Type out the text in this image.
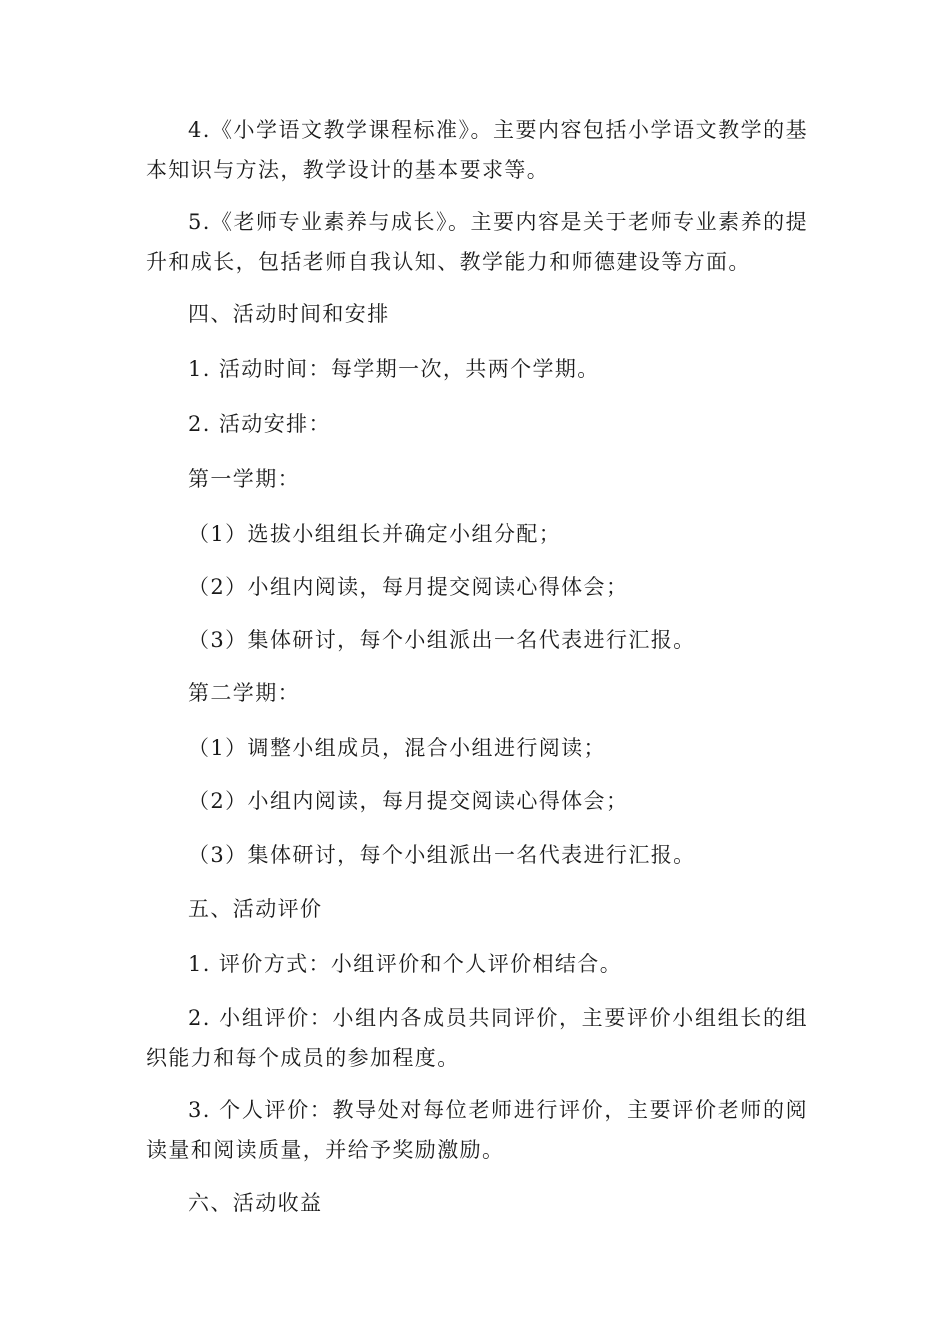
4.《小学语文教学课程标准》。主要内容包括小学语文教学的基本知识与方法，教学设计的基本要求等。

5.《老师专业素养与成长》。主要内容是关于老师专业素养的提升和成长，包括老师自我认知、教学能力和师德建设等方面。

四、活动时间和安排

1. 活动时间：每学期一次，共两个学期。

2. 活动安排：

第一学期：

（1）选拔小组组长并确定小组分配；

（2）小组内阅读，每月提交阅读心得体会；

（3）集体研讨，每个小组派出一名代表进行汇报。

第二学期：

（1）调整小组成员，混合小组进行阅读；

（2）小组内阅读，每月提交阅读心得体会；

（3）集体研讨，每个小组派出一名代表进行汇报。

五、活动评价

1. 评价方式：小组评价和个人评价相结合。

2. 小组评价：小组内各成员共同评价，主要评价小组组长的组织能力和每个成员的参加程度。

3. 个人评价：教导处对每位老师进行评价，主要评价老师的阅读量和阅读质量，并给予奖励激励。

六、活动收益
